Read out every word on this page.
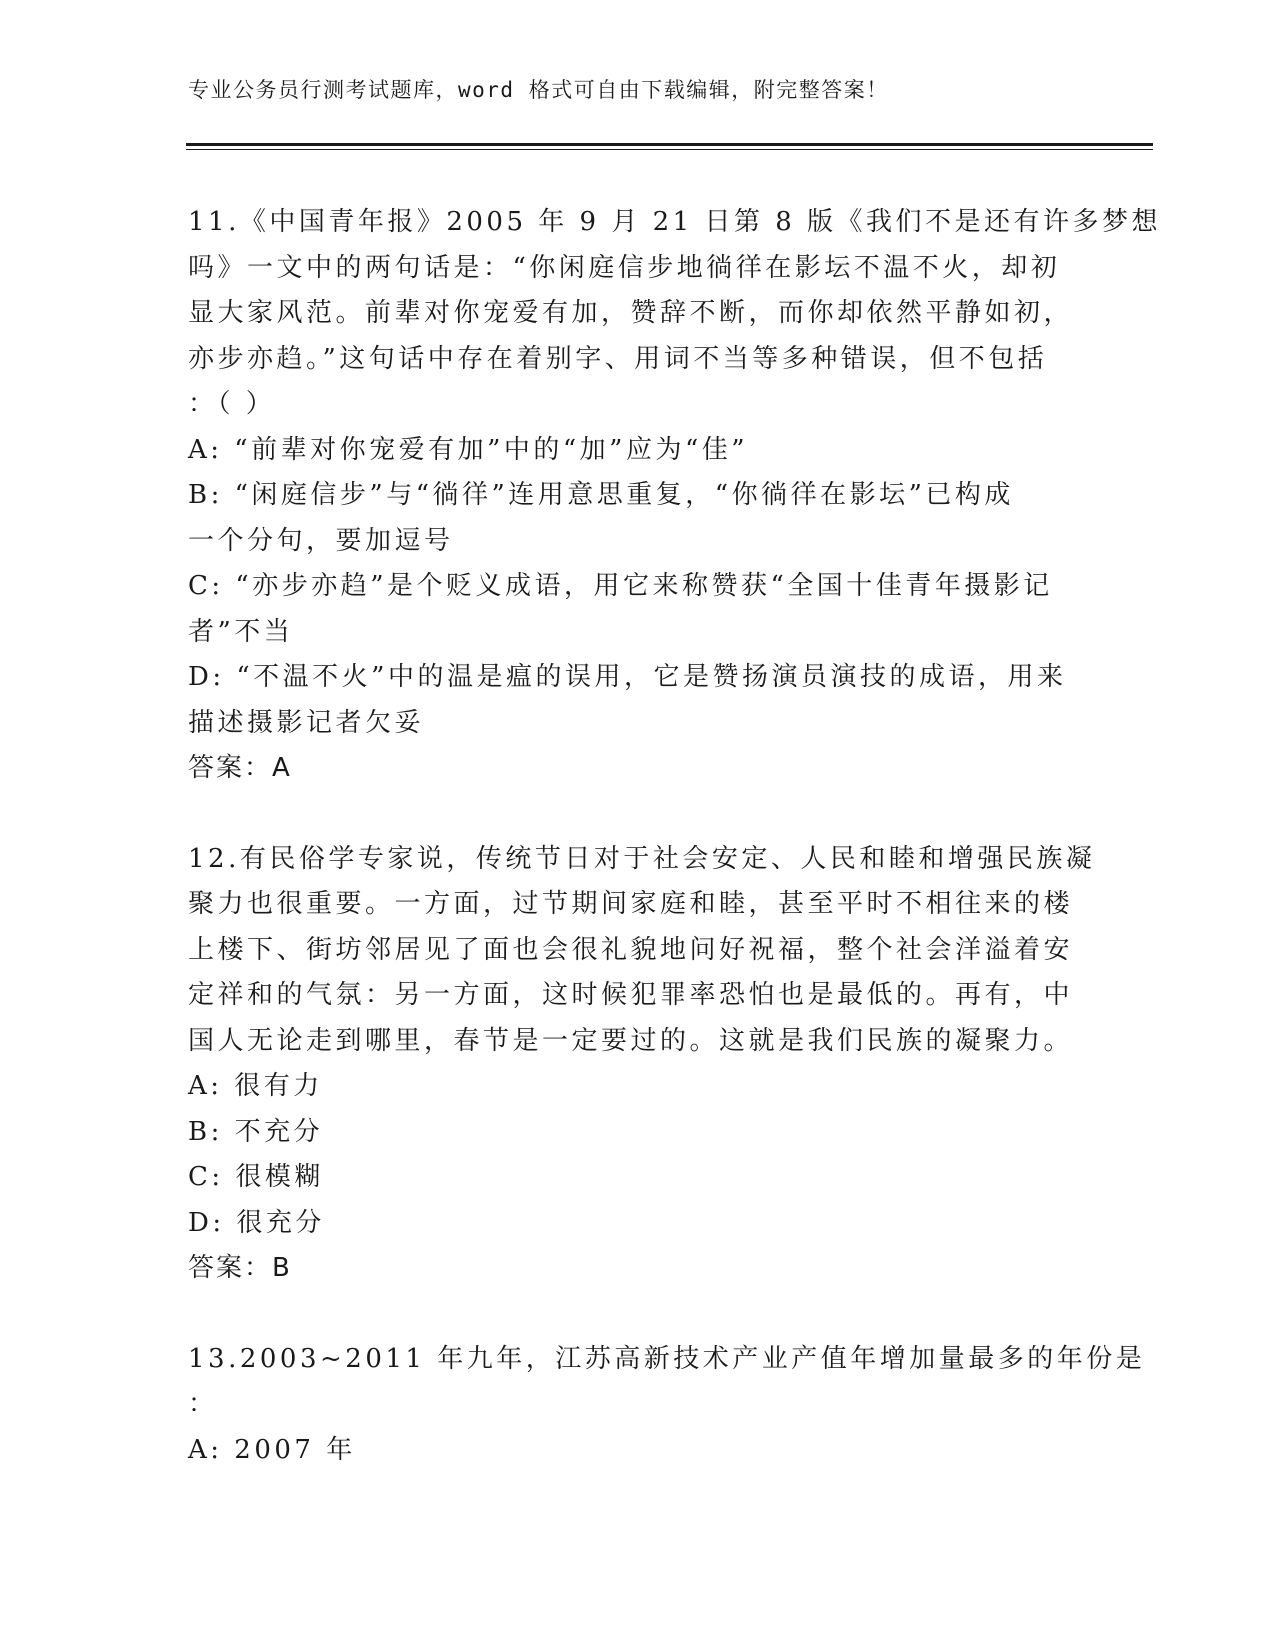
专业公务员行测考试题库，word 格式可自由下载编辑，附完整答案！
11.《中国青年报》2005 年 9 月 21 日第 8 版《我们不是还有许多梦想
吗》一文中的两句话是：“你闲庭信步地徜徉在影坛不温不火，却初
显大家风范。前辈对你宠爱有加，赞辞不断，而你却依然平静如初，
亦步亦趋。”这句话中存在着别字、用词不当等多种错误，但不包括
：（ ）
A: “前辈对你宠爱有加”中的“加”应为“佳”
B: “闲庭信步”与“徜徉”连用意思重复，“你徜徉在影坛”已构成
一个分句，要加逗号
C: “亦步亦趋”是个贬义成语，用它来称赞获“全国十佳青年摄影记
者”不当
D: “不温不火”中的温是瘟的误用，它是赞扬演员演技的成语，用来
描述摄影记者欠妥
答案：A
12.有民俗学专家说，传统节日对于社会安定、人民和睦和增强民族凝
聚力也很重要。一方面，过节期间家庭和睦，甚至平时不相往来的楼
上楼下、街坊邻居见了面也会很礼貌地问好祝福，整个社会洋溢着安
定祥和的气氛：另一方面，这时候犯罪率恐怕也是最低的。再有，中
国人无论走到哪里，春节是一定要过的。这就是我们民族的凝聚力。
A: 很有力
B: 不充分
C: 很模糊
D: 很充分
答案：B
13.2003~2011 年九年，江苏高新技术产业产值年增加量最多的年份是
：
A: 2007 年
